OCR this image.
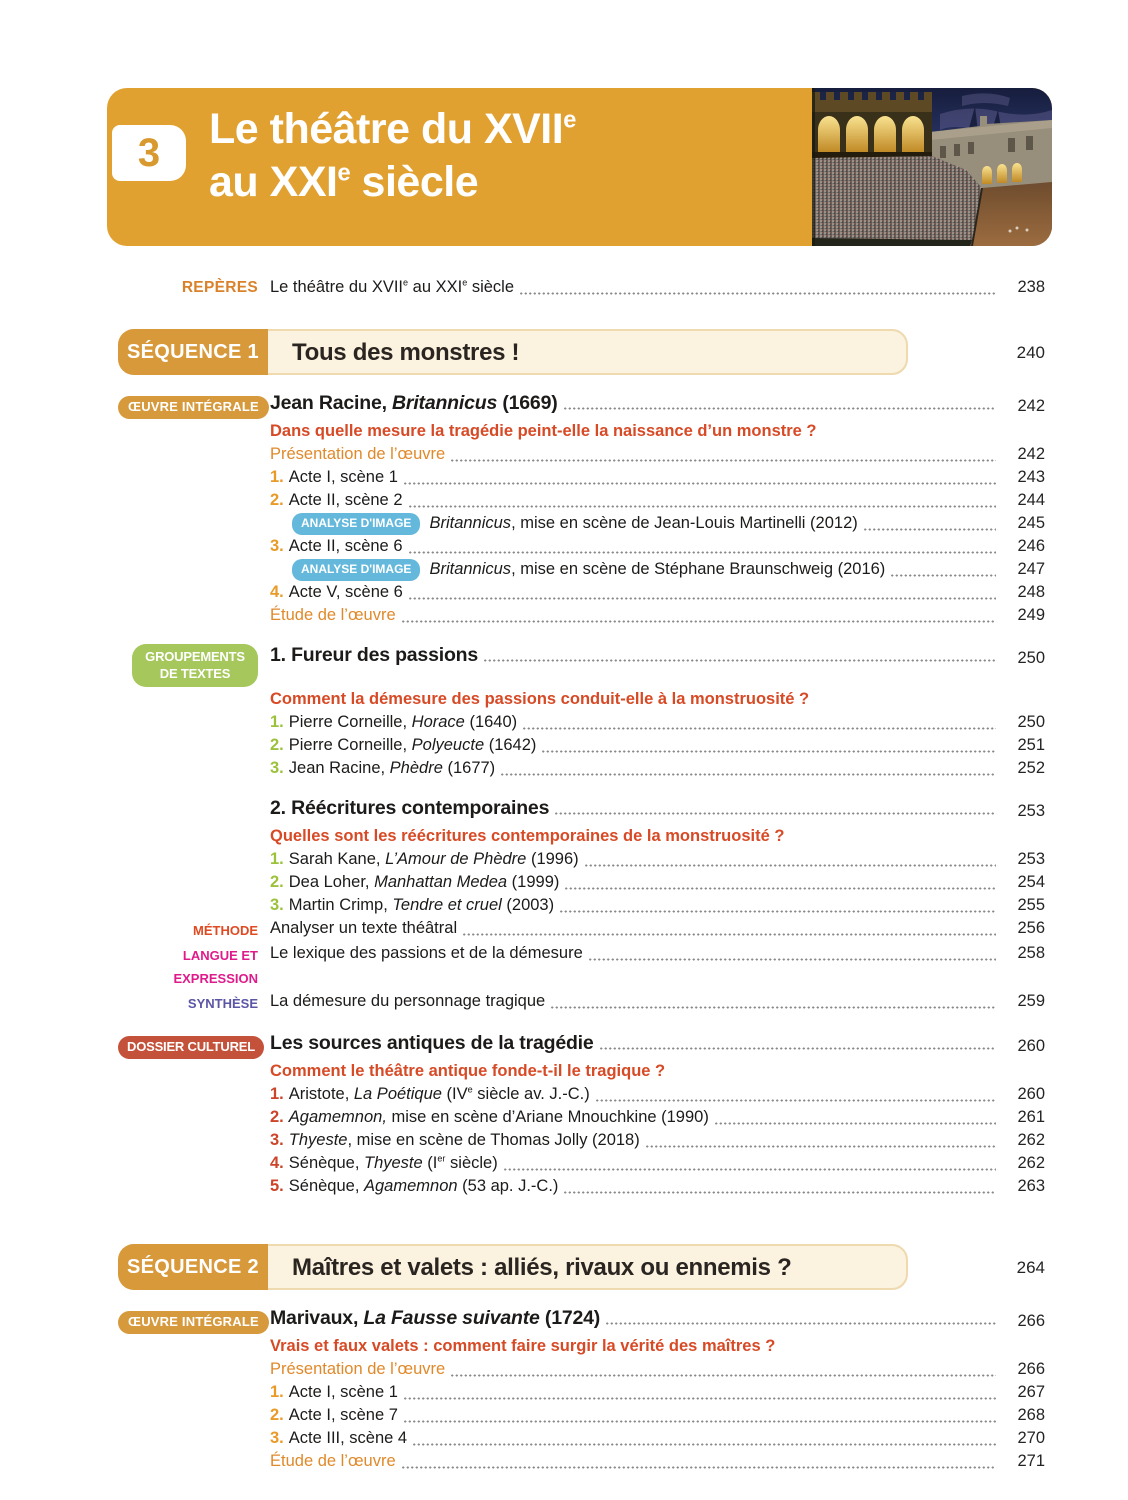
3 Le théâtre du XVIIe
au XXIe siècle
REPÈRES Le théâtre du XVIIe au XXIe siècle	238
SÉQUENCE 1	Tous des monstres !	240
ŒUVRE INTÉGRALE Jean Racine, Britannicus (1669)	242
Dans quelle mesure la tragédie peint-elle la naissance d’un monstre ?
Présentation de l’œuvre	242
1. Acte I, scène 1	243
2. Acte II, scène 2	244
ANALYSE D'IMAGE	Britannicus, mise en scène de Jean-Louis Martinelli (2012)	245
3. Acte II, scène 6	246
ANALYSE D'IMAGE	Britannicus, mise en scène de Stéphane Braunschweig (2016)	247
4. Acte V, scène 6	248
Étude de l’œuvre	249
GROUPEMENTS DE TEXTES
1. Fureur des passions	250
Comment la démesure des passions conduit-elle à la monstruosité ?
1. Pierre Corneille, Horace (1640)	250
2. Pierre Corneille, Polyeucte (1642)	251
3. Jean Racine, Phèdre (1677)	252
2. Réécritures contemporaines	253
Quelles sont les réécritures contemporaines de la monstruosité ?
1. Sarah Kane, L’Amour de Phèdre (1996)	253
2. Dea Loher, Manhattan Medea (1999)	254
3. Martin Crimp, Tendre et cruel (2003)	255
MÉTHODE Analyser un texte théâtral	256
LANGUE ET EXPRESSION
Le lexique des passions et de la démesure	258
SYNTHÈSE La démesure du personnage tragique	259
DOSSIER CULTUREL Les sources antiques de la tragédie	260
Comment le théâtre antique fonde-t-il le tragique ?
1. Aristote, La Poétique (IVe siècle av. J.-C.)	260
2. Agamemnon, mise en scène d’Ariane Mnouchkine (1990)	261
3. Thyeste, mise en scène de Thomas Jolly (2018)	262
4. Sénèque, Thyeste (Ier siècle)	262
5. Sénèque, Agamemnon (53 ap. J.-C.)	263
SÉQUENCE 2	Maîtres et valets : alliés, rivaux ou ennemis ?	264
ŒUVRE INTÉGRALE Marivaux, La Fausse suivante (1724)	266
Vrais et faux valets : comment faire surgir la vérité des maîtres ?
Présentation de l’œuvre	266
1. Acte I, scène 1	267
2. Acte I, scène 7	268
3. Acte III, scène 4	270
Étude de l’œuvre	271
